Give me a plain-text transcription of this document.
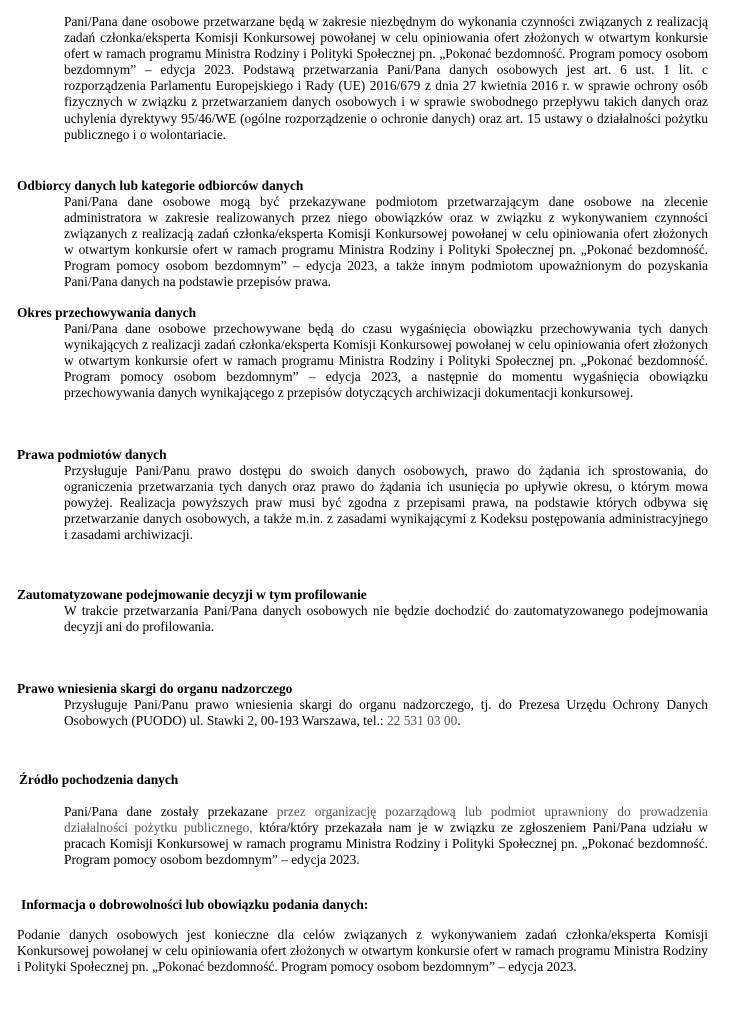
Pani/Pana dane osobowe przetwarzane będą w zakresie niezbędnym do wykonania czynności związanych z realizacją zadań członka/eksperta Komisji Konkursowej powołanej w celu opiniowania ofert złożonych w otwartym konkursie ofert w ramach programu Ministra Rodziny i Polityki Społecznej pn. „Pokonać bezdomność. Program pomocy osobom bezdomnym” – edycja 2023. Podstawą przetwarzania Pani/Pana danych osobowych jest art. 6 ust. 1 lit. c rozporządzenia Parlamentu Europejskiego i Rady (UE) 2016/679 z dnia 27 kwietnia 2016 r. w sprawie ochrony osób fizycznych w związku z przetwarzaniem danych osobowych i w sprawie swobodnego przepływu takich danych oraz uchylenia dyrektywy 95/46/WE (ogólne rozporządzenie o ochronie danych) oraz art. 15 ustawy o działalności pożytku publicznego i o wolontariacie.

Odbiorcy danych lub kategorie odbiorców danych

Pani/Pana dane osobowe mogą być przekazywane podmiotom przetwarzającym dane osobowe na zlecenie administratora w zakresie realizowanych przez niego obowiązków oraz w związku z wykonywaniem czynności związanych z realizacją zadań członka/eksperta Komisji Konkursowej powołanej w celu opiniowania ofert złożonych w otwartym konkursie ofert w ramach programu Ministra Rodziny i Polityki Społecznej pn. „Pokonać bezdomność. Program pomocy osobom bezdomnym” – edycja 2023, a także innym podmiotom upoważnionym do pozyskania Pani/Pana danych na podstawie przepisów prawa.

Okres przechowywania danych

Pani/Pana dane osobowe przechowywane będą do czasu wygaśnięcia obowiązku przechowywania tych danych wynikających z realizacji zadań członka/eksperta Komisji Konkursowej powołanej w celu opiniowania ofert złożonych w otwartym konkursie ofert w ramach programu Ministra Rodziny i Polityki Społecznej pn. „Pokonać bezdomność. Program pomocy osobom bezdomnym” – edycja 2023, a następnie do momentu wygaśnięcia obowiązku przechowywania danych wynikającego z przepisów dotyczących archiwizacji dokumentacji konkursowej.

Prawa podmiotów danych

Przysługuje Pani/Panu prawo dostępu do swoich danych osobowych, prawo do żądania ich sprostowania, do ograniczenia przetwarzania tych danych oraz prawo do żądania ich usunięcia po upływie okresu, o którym mowa powyżej. Realizacja powyższych praw musi być zgodna z przepisami prawa, na podstawie których odbywa się przetwarzanie danych osobowych, a także m.in. z zasadami wynikającymi z Kodeksu postępowania administracyjnego i zasadami archiwizacji.

Zautomatyzowane podejmowanie decyzji w tym profilowanie

W trakcie przetwarzania Pani/Pana danych osobowych nie będzie dochodzić do zautomatyzowanego podejmowania decyzji ani do profilowania.

Prawo wniesienia skargi do organu nadzorczego

Przysługuje Pani/Panu prawo wniesienia skargi do organu nadzorczego, tj. do Prezesa Urzędu Ochrony Danych Osobowych (PUODO) ul. Stawki 2, 00-193 Warszawa, tel.: 22 531 03 00.

Źródło pochodzenia danych

Pani/Pana dane zostały przekazane przez organizację pozarządową lub podmiot uprawniony do prowadzenia działalności pożytku publicznego, która/który przekazała nam je w związku ze zgłoszeniem Pani/Pana udziału w pracach Komisji Konkursowej w ramach programu Ministra Rodziny i Polityki Społecznej pn. „Pokonać bezdomność. Program pomocy osobom bezdomnym” – edycja 2023.

Informacja o dobrowolności lub obowiązku podania danych:

Podanie danych osobowych jest konieczne dla celów związanych z wykonywaniem zadań członka/eksperta Komisji Konkursowej powołanej w celu opiniowania ofert złożonych w otwartym konkursie ofert w ramach programu Ministra Rodziny i Polityki Społecznej pn. „Pokonać bezdomność. Program pomocy osobom bezdomnym” – edycja 2023.
